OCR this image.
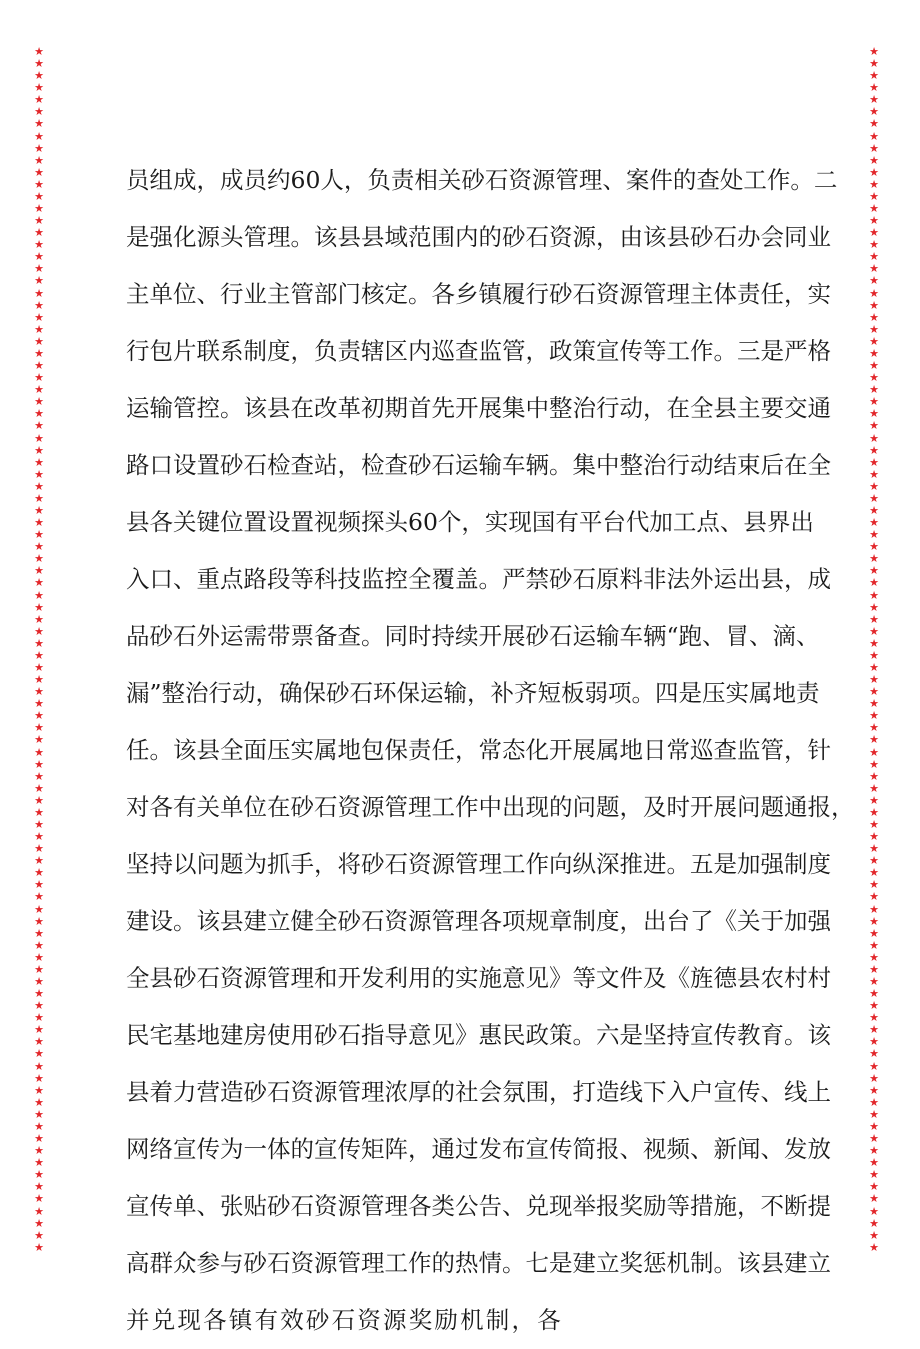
★
★
★
★
★
★
★
★
★
★
★
★
★
★
★
★
★
★
★
★
★
★
★
★
★
★
★
★
★
★
★
★
★
★
★
★
★
★
★
★
★
★
★
★
★
★
★
★
★
★
★
★
★
★
★
★
★
★
★
★
★
★
★
★
★
★
★
★
★
★
★
★
★
★
★
★
★
★
★
★
★
★
★
★
★
★
★
★
★
★
★
★
★
★
★
★
★
★
★
★
★
★
★
★
★
★
★
★
★
★
★
★
★
★
★
★
★
★
★
★
★
★
★
★
★
★
★
★
★
★
★
★
★
★
★
★
★
★
★
★
★
★
★
★
★
★
★
★
★
★
★
★
★
★
★
★
★
★
★
★
★
★
★
★
★
★
★
★
★
★
★
★
★
★
★
★
★
★
★
★
★
★
★
★
★
★
★
★
★
★
★
★
★
★
★
★
★
★
★
★
员组成，成员约60人，负责相关砂石资源管理、案件的查处工作。二
是强化源头管理。该县县域范围内的砂石资源，由该县砂石办会同业
主单位、行业主管部门核定。各乡镇履行砂石资源管理主体责任，实
行包片联系制度，负责辖区内巡查监管，政策宣传等工作。三是严格
运输管控。该县在改革初期首先开展集中整治行动，在全县主要交通
路口设置砂石检查站，检查砂石运输车辆。集中整治行动结束后在全
县各关键位置设置视频探头60个，实现国有平台代加工点、县界出
入口、重点路段等科技监控全覆盖。严禁砂石原料非法外运出县，成
品砂石外运需带票备查。同时持续开展砂石运输车辆“跑、冒、滴、
漏”整治行动，确保砂石环保运输，补齐短板弱项。四是压实属地责
任。该县全面压实属地包保责任，常态化开展属地日常巡查监管，针
对各有关单位在砂石资源管理工作中出现的问题，及时开展问题通报，
坚持以问题为抓手，将砂石资源管理工作向纵深推进。五是加强制度
建设。该县建立健全砂石资源管理各项规章制度，出台了《关于加强
全县砂石资源管理和开发利用的实施意见》等文件及《旌德县农村村
民宅基地建房使用砂石指导意见》惠民政策。六是坚持宣传教育。该
县着力营造砂石资源管理浓厚的社会氛围，打造线下入户宣传、线上
网络宣传为一体的宣传矩阵，通过发布宣传简报、视频、新闻、发放
宣传单、张贴砂石资源管理各类公告、兑现举报奖励等措施，不断提
高群众参与砂石资源管理工作的热情。七是建立奖惩机制。该县建立
并兑现各镇有效砂石资源奖励机制，各
